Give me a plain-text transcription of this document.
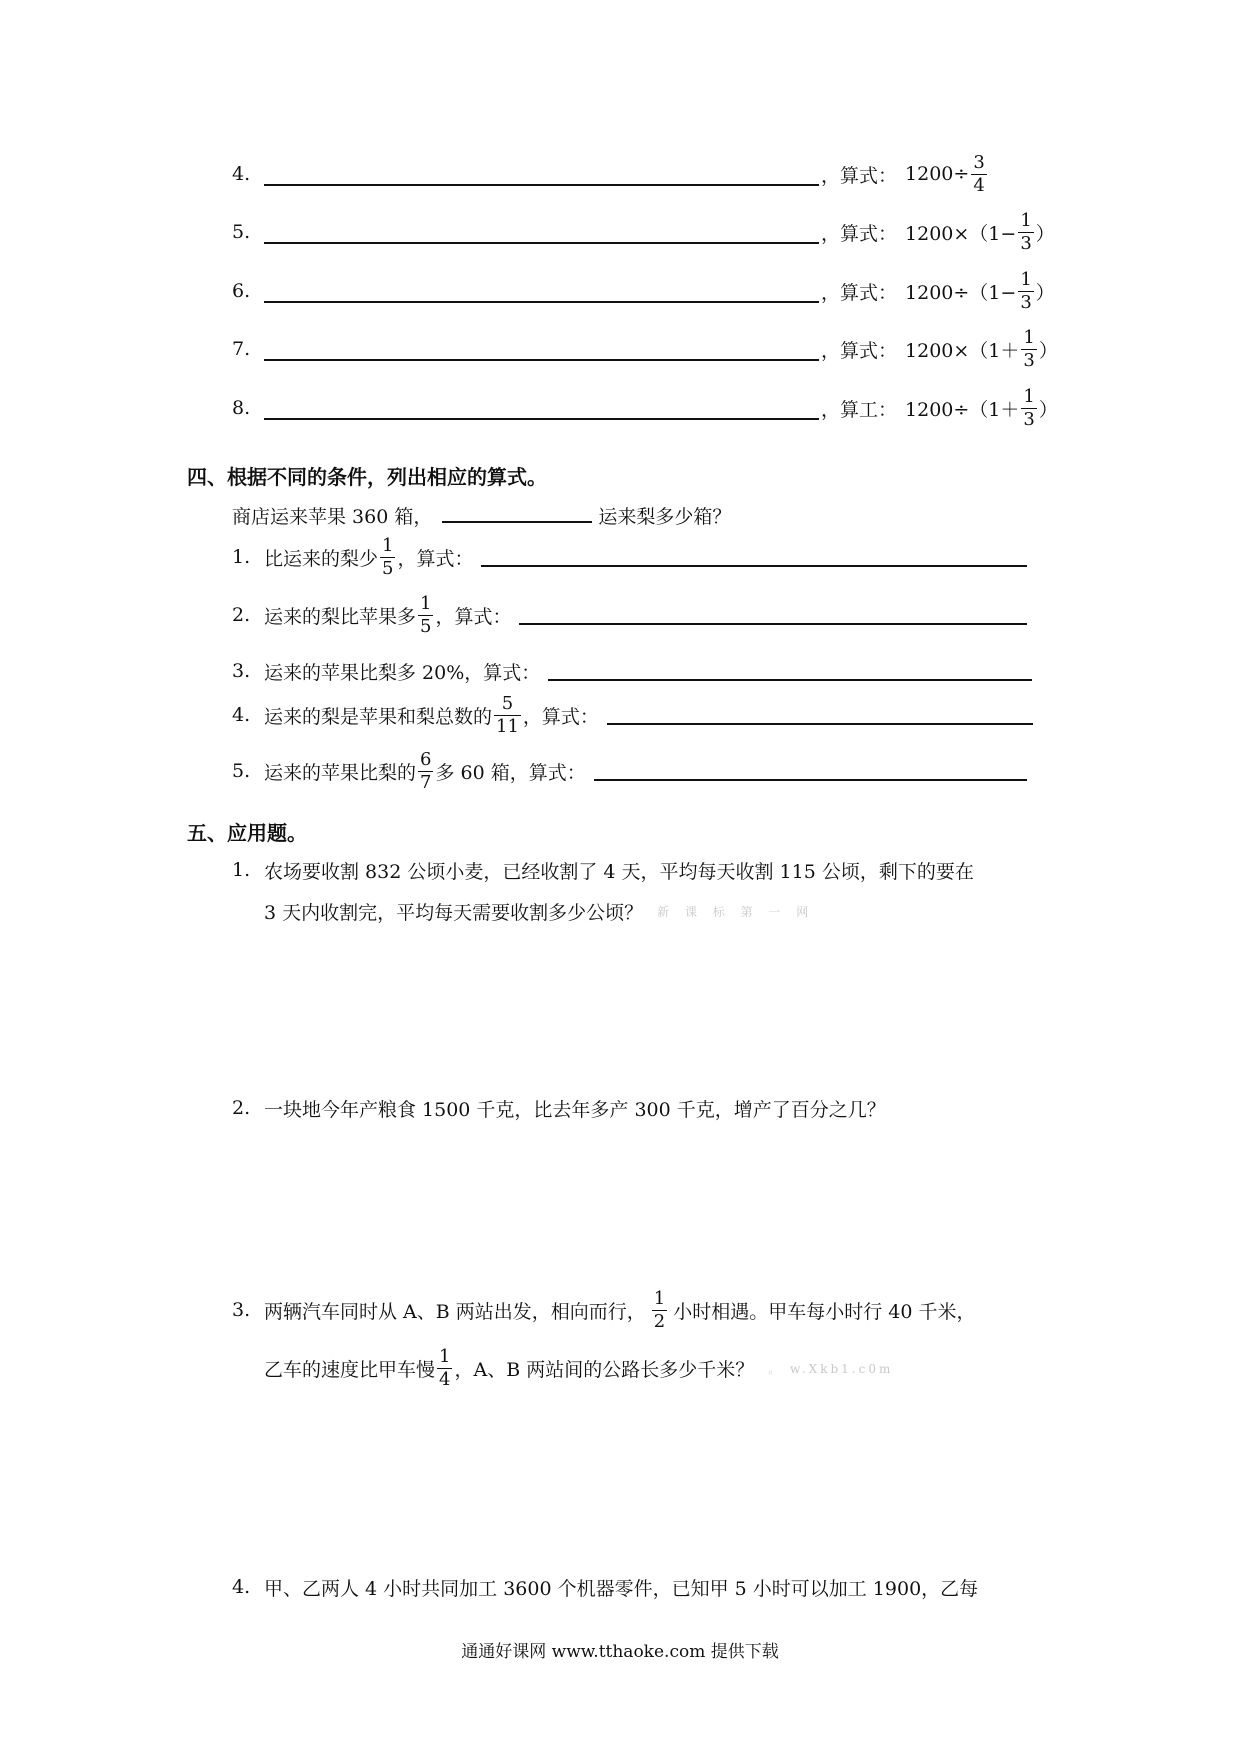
4.	， 算式： $1200\div \frac{3}{4}$
5.	， 算式： $1200\times(1- \frac{1}{3}$ ）
6.	， 算式： $1200\div(1- \frac{1}{3}$ ）
7.	， 算式： $1200\times(1+ \frac{1}{3}$ ）
8.	， 算工： $1200\div(1+ \frac{1}{3}$ ）
四、根据不同的条件，列出相应的算式。
商店运来苹果 360 箱，	运来梨多少箱？
1. 比运来的梨少 $\frac{1}{5}$ ，算式：
2. 运来的梨比苹果多 $\frac{1}{5}$ ，算式：
3. 运来的苹果比梨多 20%，算式：
4. 运来的梨是苹果和梨总数的 $\frac{5}{11}$ ，算式：
5. 运来的苹果比梨的 $\frac{6}{7}$ 多 60 箱，算式：
五、应用题。
1. 农场要收割 832 公顷小麦，已经收割了 4 天，平均每天收割 115 公顷，剩下的要在
3 天内收割完，平均每天需要收割多少公顷？ 新 课 标 第 一 网
2. 一块地今年产粮食 1500 千克，比去年多产 300 千克，增产了百分之几？
3. 两辆汽车同时从 A、B 两站出发，相向而行， $\frac{1}{2}$ 小时相遇。甲车每小时行 40 千米，
乙车的速度比甲车慢 $\frac{1}{4}$ ，A、B 两站间的公路长多少千米？ 。 w.Xkb1.c0m
4. 甲、乙两人 4 小时共同加工 3600 个机器零件，已知甲 5 小时可以加工 1900，乙每
通通好课网 www.tthaoke.com 提供下载
